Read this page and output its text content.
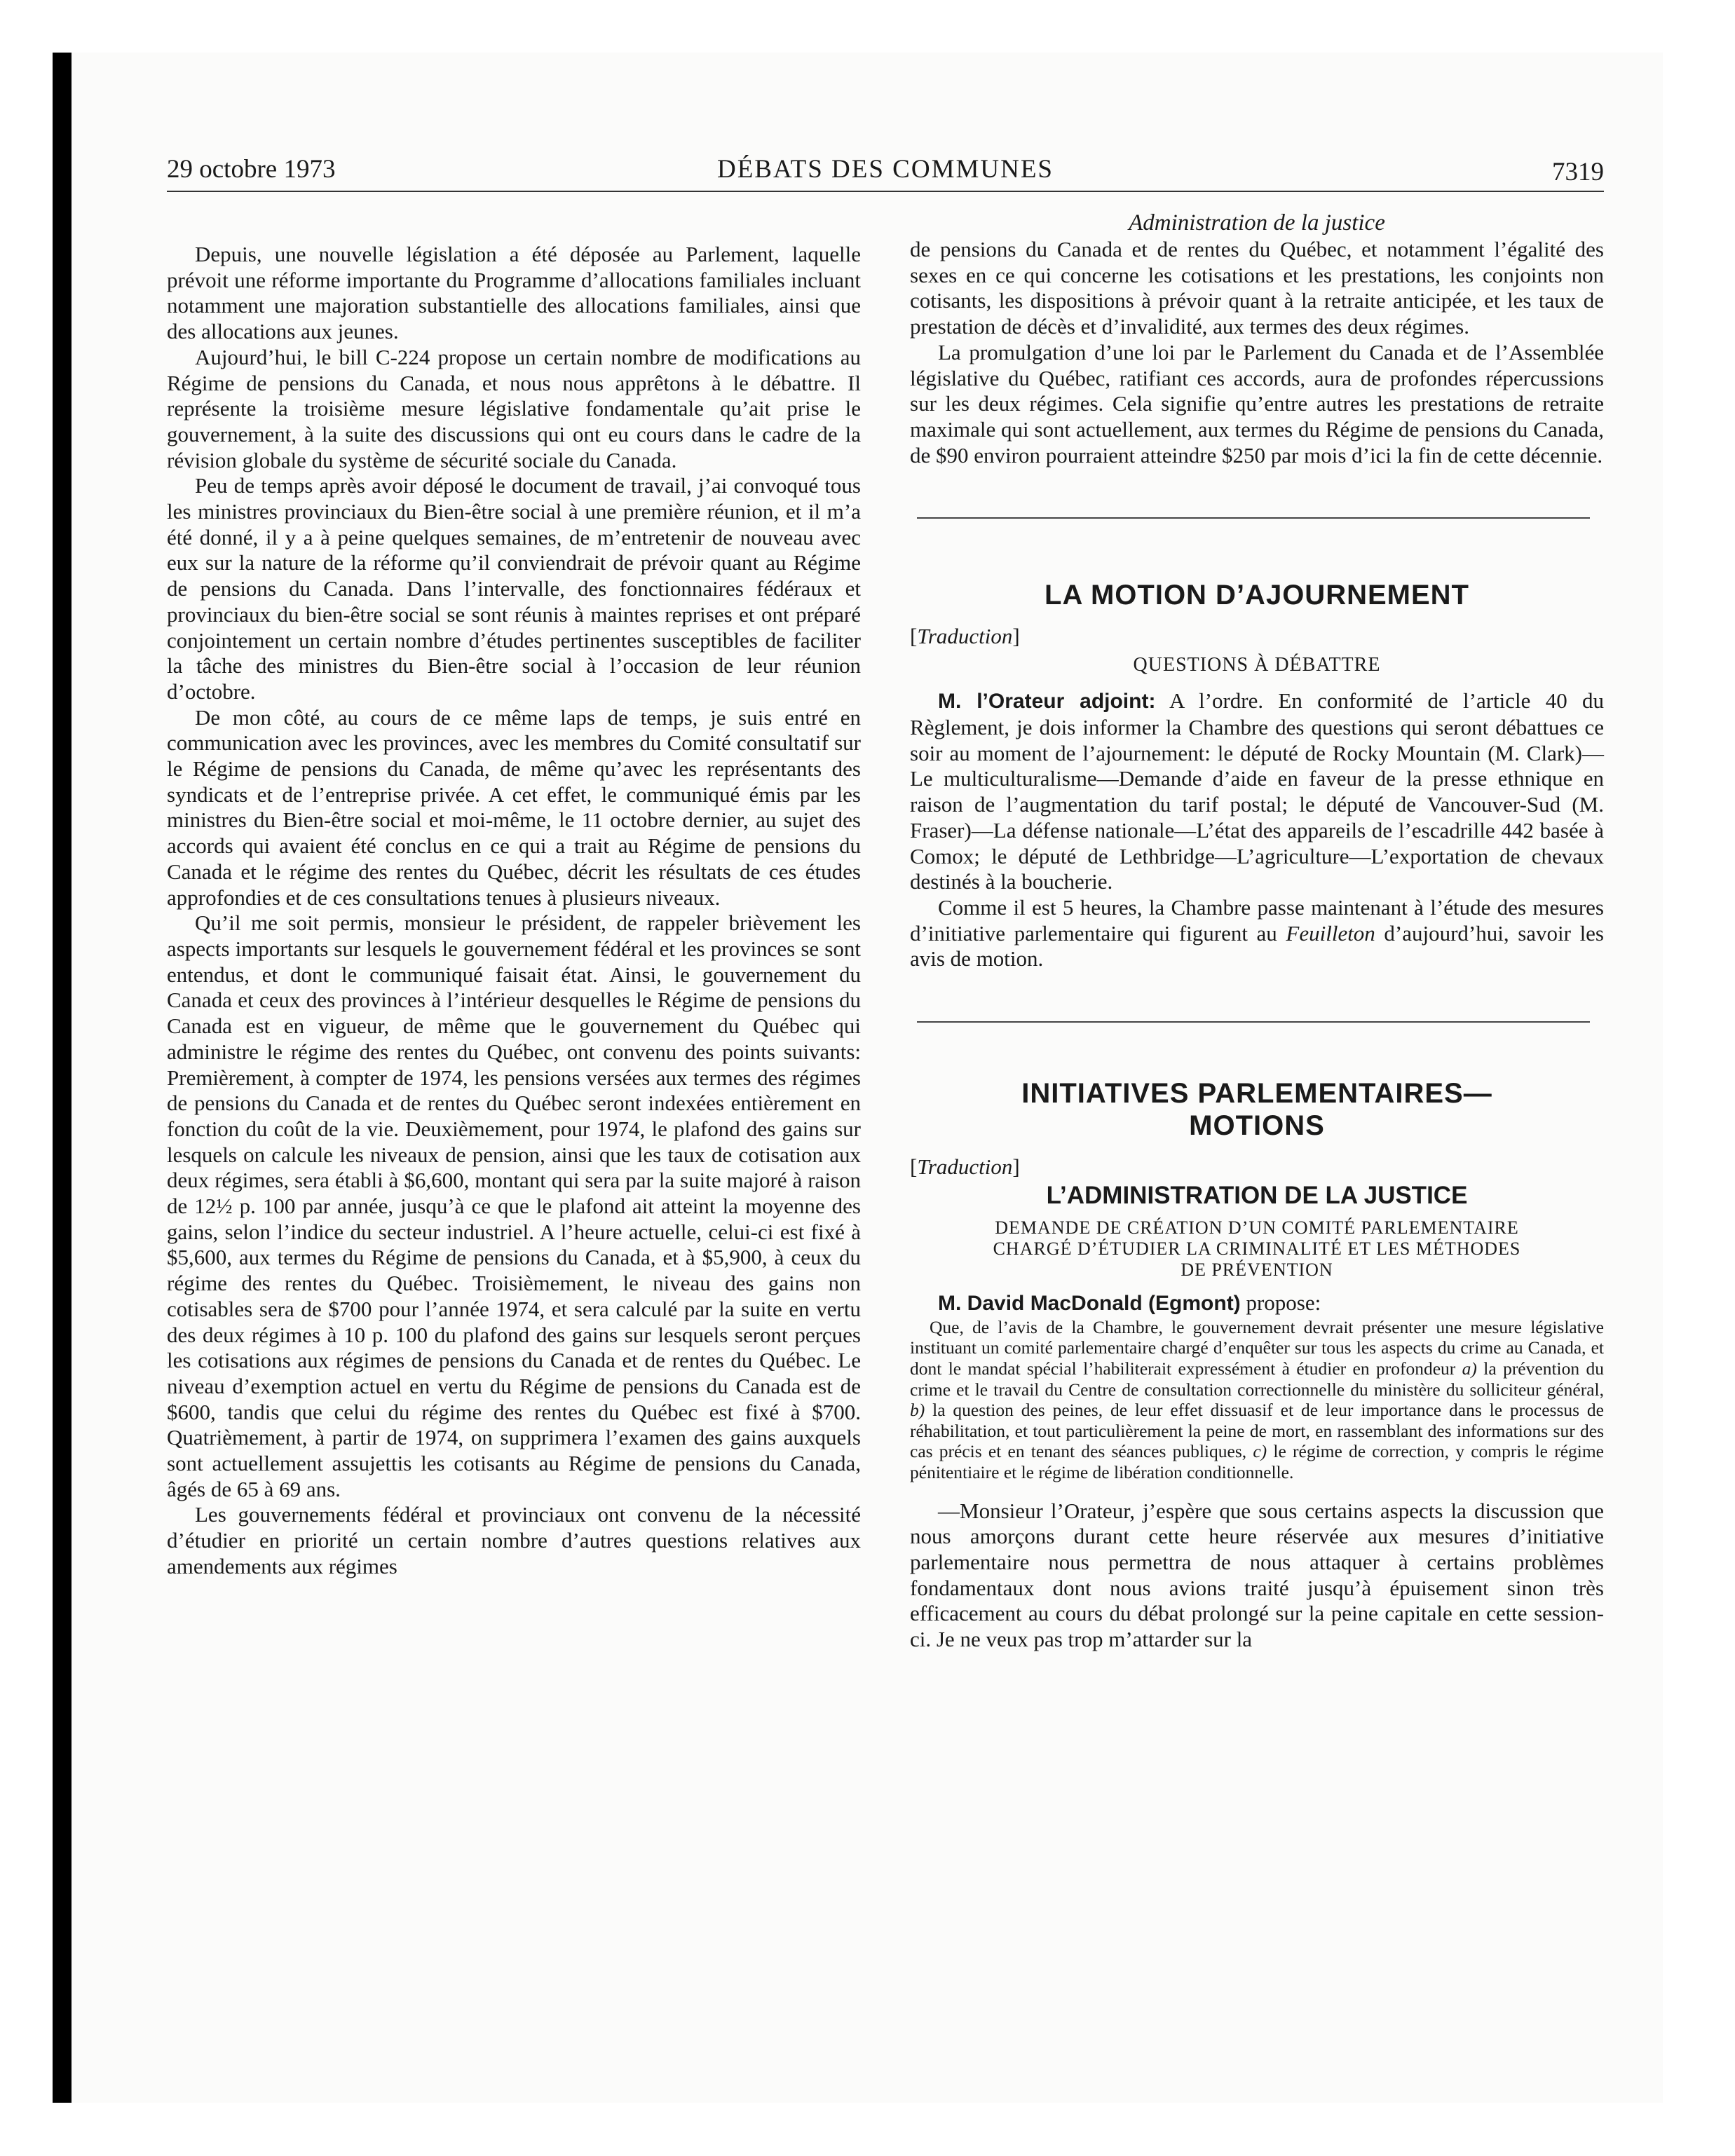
29 octobre 1973	DÉBATS DES COMMUNES	7319

Depuis, une nouvelle législation a été déposée au Parlement, laquelle prévoit une réforme importante du Programme d’allocations familiales incluant notamment une majoration substantielle des allocations familiales, ainsi que des allocations aux jeunes.

Aujourd’hui, le bill C-224 propose un certain nombre de modifications au Régime de pensions du Canada, et nous nous apprêtons à le débattre. Il représente la troisième mesure législative fondamentale qu’ait prise le gouvernement, à la suite des discussions qui ont eu cours dans le cadre de la révision globale du système de sécurité sociale du Canada.

Peu de temps après avoir déposé le document de travail, j’ai convoqué tous les ministres provinciaux du Bien-être social à une première réunion, et il m’a été donné, il y a à peine quelques semaines, de m’entretenir de nouveau avec eux sur la nature de la réforme qu’il conviendrait de prévoir quant au Régime de pensions du Canada. Dans l’intervalle, des fonctionnaires fédéraux et provinciaux du bien-être social se sont réunis à maintes reprises et ont préparé conjointement un certain nombre d’études pertinentes susceptibles de faciliter la tâche des ministres du Bien-être social à l’occasion de leur réunion d’octobre.

De mon côté, au cours de ce même laps de temps, je suis entré en communication avec les provinces, avec les membres du Comité consultatif sur le Régime de pensions du Canada, de même qu’avec les représentants des syndicats et de l’entreprise privée. A cet effet, le communiqué émis par les ministres du Bien-être social et moi-même, le 11 octobre dernier, au sujet des accords qui avaient été conclus en ce qui a trait au Régime de pensions du Canada et le régime des rentes du Québec, décrit les résultats de ces études approfondies et de ces consultations tenues à plusieurs niveaux.

Qu’il me soit permis, monsieur le président, de rappeler brièvement les aspects importants sur lesquels le gouvernement fédéral et les provinces se sont entendus, et dont le communiqué faisait état. Ainsi, le gouvernement du Canada et ceux des provinces à l’intérieur desquelles le Régime de pensions du Canada est en vigueur, de même que le gouvernement du Québec qui administre le régime des rentes du Québec, ont convenu des points suivants: Premièrement, à compter de 1974, les pensions versées aux termes des régimes de pensions du Canada et de rentes du Québec seront indexées entièrement en fonction du coût de la vie. Deuxièmement, pour 1974, le plafond des gains sur lesquels on calcule les niveaux de pension, ainsi que les taux de cotisation aux deux régimes, sera établi à $6,600, montant qui sera par la suite majoré à raison de 12½ p. 100 par année, jusqu’à ce que le plafond ait atteint la moyenne des gains, selon l’indice du secteur industriel. A l’heure actuelle, celui-ci est fixé à $5,600, aux termes du Régime de pensions du Canada, et à $5,900, à ceux du régime des rentes du Québec. Troisièmement, le niveau des gains non cotisables sera de $700 pour l’année 1974, et sera calculé par la suite en vertu des deux régimes à 10 p. 100 du plafond des gains sur lesquels seront perçues les cotisations aux régimes de pensions du Canada et de rentes du Québec. Le niveau d’exemption actuel en vertu du Régime de pensions du Canada est de $600, tandis que celui du régime des rentes du Québec est fixé à $700. Quatrièmement, à partir de 1974, on supprimera l’examen des gains auxquels sont actuellement assujettis les cotisants au Régime de pensions du Canada, âgés de 65 à 69 ans.

Les gouvernements fédéral et provinciaux ont convenu de la nécessité d’étudier en priorité un certain nombre d’autres questions relatives aux amendements aux régimes

Administration de la justice

de pensions du Canada et de rentes du Québec, et notamment l’égalité des sexes en ce qui concerne les cotisations et les prestations, les conjoints non cotisants, les dispositions à prévoir quant à la retraite anticipée, et les taux de prestation de décès et d’invalidité, aux termes des deux régimes.

La promulgation d’une loi par le Parlement du Canada et de l’Assemblée législative du Québec, ratifiant ces accords, aura de profondes répercussions sur les deux régimes. Cela signifie qu’entre autres les prestations de retraite maximale qui sont actuellement, aux termes du Régime de pensions du Canada, de $90 environ pourraient atteindre $250 par mois d’ici la fin de cette décennie.

LA MOTION D’AJOURNEMENT
[Traduction]
QUESTIONS À DÉBATTRE

M. l’Orateur adjoint: A l’ordre. En conformité de l’article 40 du Règlement, je dois informer la Chambre des questions qui seront débattues ce soir au moment de l’ajournement: le député de Rocky Mountain (M. Clark)—Le multiculturalisme—Demande d’aide en faveur de la presse ethnique en raison de l’augmentation du tarif postal; le député de Vancouver-Sud (M. Fraser)—La défense nationale—L’état des appareils de l’escadrille 442 basée à Comox; le député de Lethbridge—L’agriculture—L’exportation de chevaux destinés à la boucherie.

Comme il est 5 heures, la Chambre passe maintenant à l’étude des mesures d’initiative parlementaire qui figurent au Feuilleton d’aujourd’hui, savoir les avis de motion.

INITIATIVES PARLEMENTAIRES—
MOTIONS
[Traduction]
L’ADMINISTRATION DE LA JUSTICE
DEMANDE DE CRÉATION D’UN COMITÉ PARLEMENTAIRE
CHARGÉ D’ÉTUDIER LA CRIMINALITÉ ET LES MÉTHODES
DE PRÉVENTION

M. David MacDonald (Egmont) propose:

Que, de l’avis de la Chambre, le gouvernement devrait présenter une mesure législative instituant un comité parlementaire chargé d’enquêter sur tous les aspects du crime au Canada, et dont le mandat spécial l’habiliterait expressément à étudier en profondeur a) la prévention du crime et le travail du Centre de consultation correctionnelle du ministère du solliciteur général, b) la question des peines, de leur effet dissuasif et de leur importance dans le processus de réhabilitation, et tout particulièrement la peine de mort, en rassemblant des informations sur des cas précis et en tenant des séances publiques, c) le régime de correction, y compris le régime pénitentiaire et le régime de libération conditionnelle.

—Monsieur l’Orateur, j’espère que sous certains aspects la discussion que nous amorçons durant cette heure réservée aux mesures d’initiative parlementaire nous permettra de nous attaquer à certains problèmes fondamentaux dont nous avions traité jusqu’à épuisement sinon très efficacement au cours du débat prolongé sur la peine capitale en cette session-ci. Je ne veux pas trop m’attarder sur la
